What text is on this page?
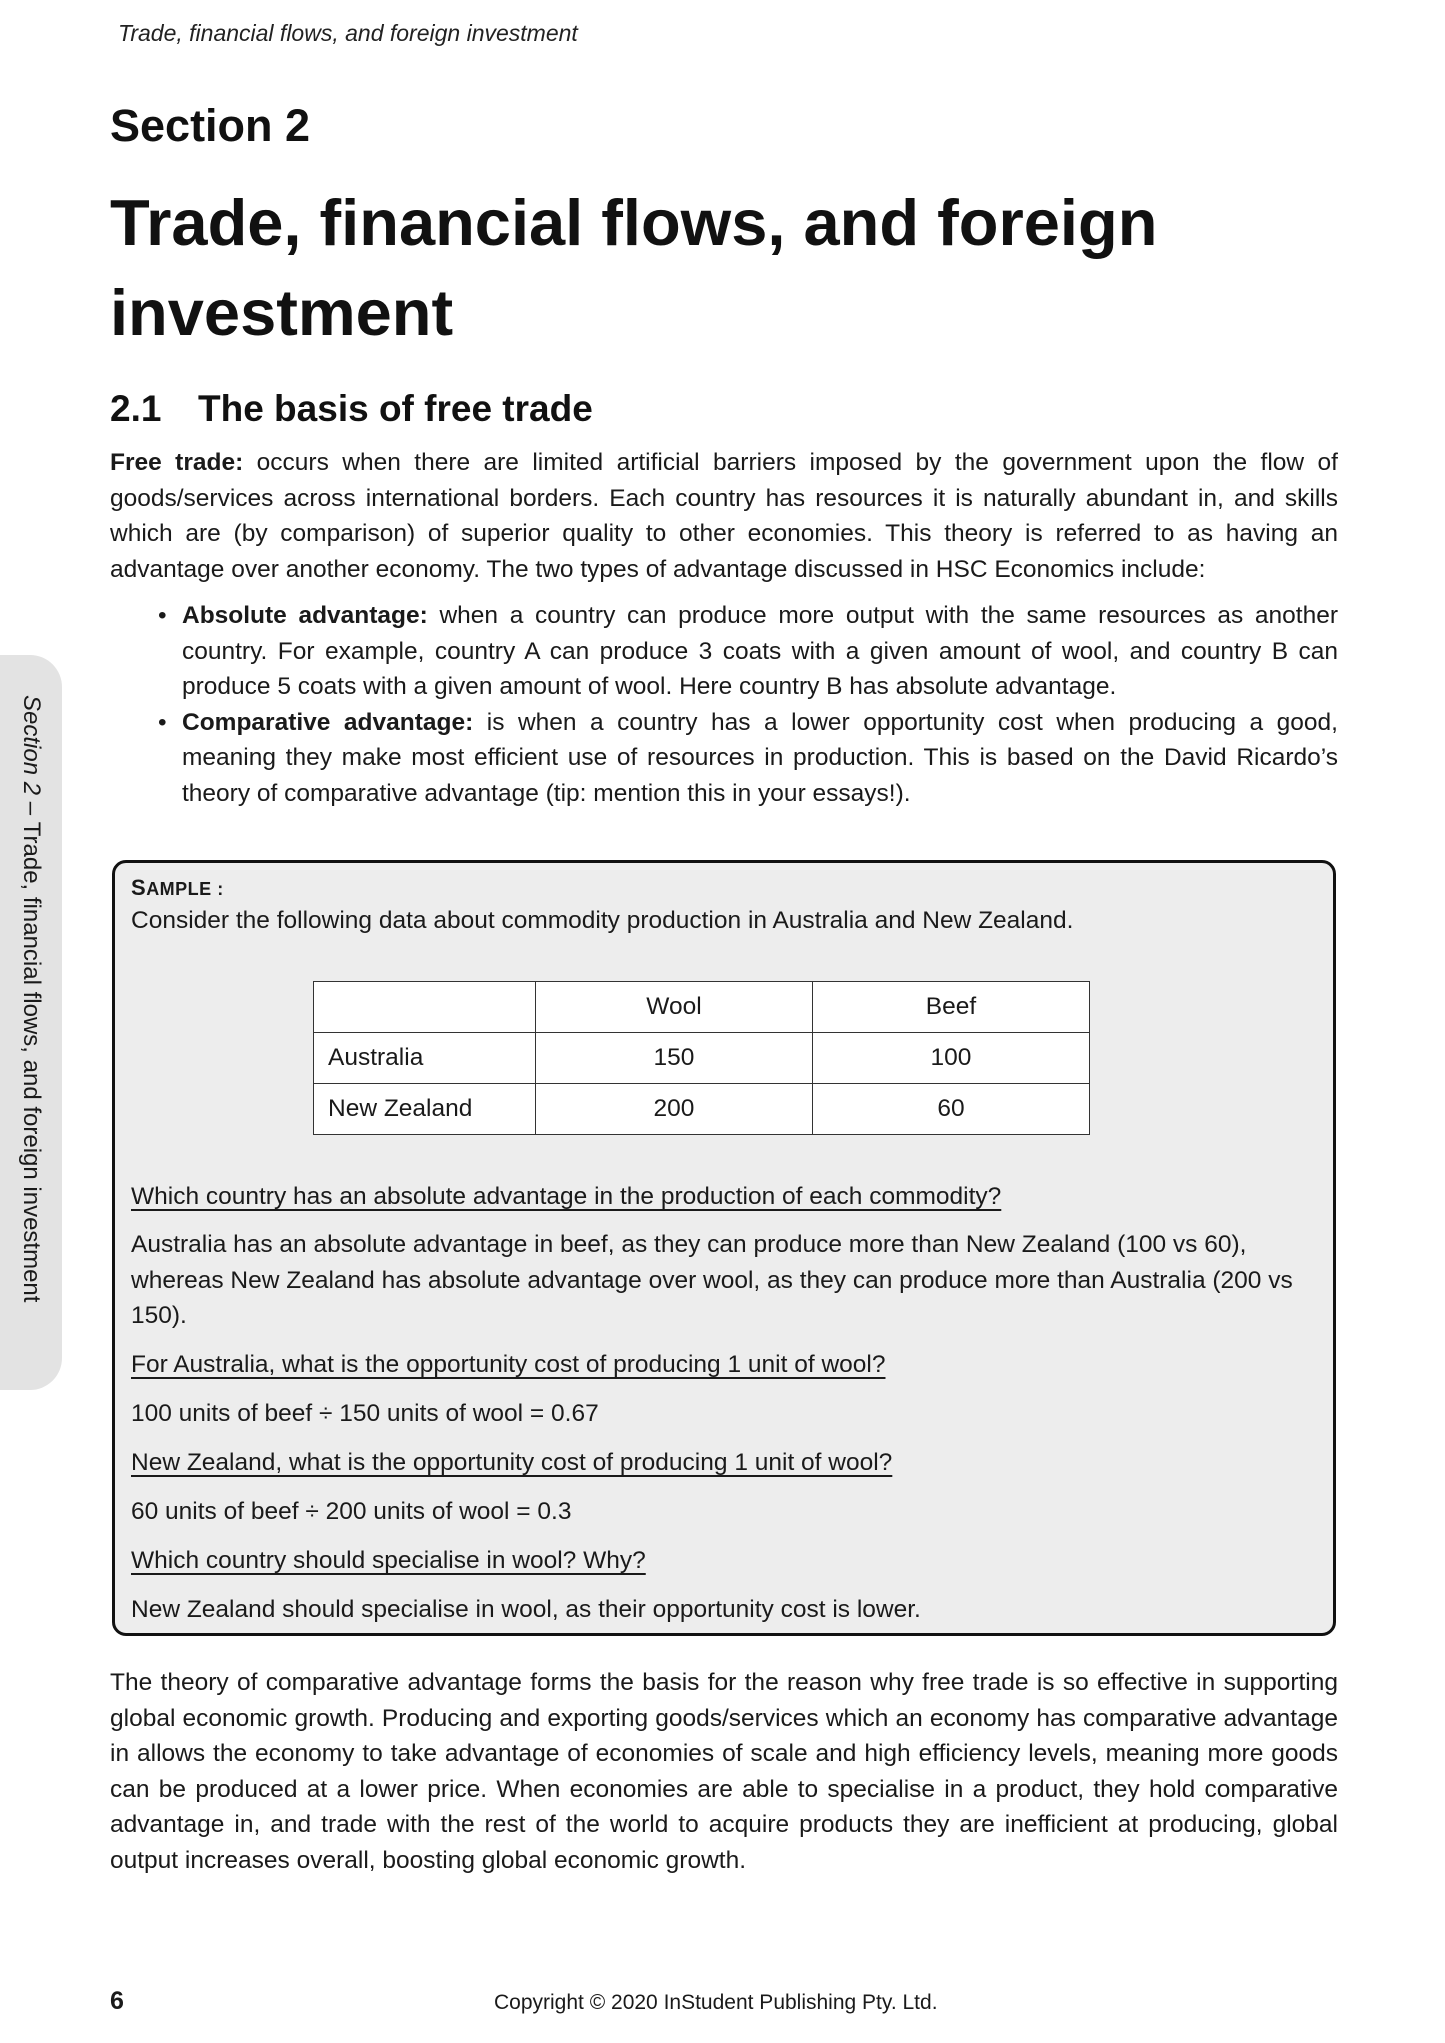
Trade, financial flows, and foreign investment
Section 2
Trade, financial flows, and foreign investment
2.1 The basis of free trade
Free trade: occurs when there are limited artificial barriers imposed by the government upon the flow of goods/services across international borders. Each country has resources it is naturally abundant in, and skills which are (by comparison) of superior quality to other economies. This theory is referred to as having an advantage over another economy. The two types of advantage discussed in HSC Economics include:
• Absolute advantage: when a country can produce more output with the same resources as another country. For example, country A can produce 3 coats with a given amount of wool, and country B can produce 5 coats with a given amount of wool. Here country B has absolute advantage.
• Comparative advantage: is when a country has a lower opportunity cost when producing a good, meaning they make most efficient use of resources in production. This is based on the David Ricardo’s theory of comparative advantage (tip: mention this in your essays!).
Section 2 – Trade, financial flows, and foreign investment	SAMPLE :
Consider the following data about commodity production in Australia and New Zealand.
	Wool	Beef
Australia	150	100
New Zealand	200	60
Which country has an absolute advantage in the production of each commodity?
Australia has an absolute advantage in beef, as they can produce more than New Zealand (100 vs 60), whereas New Zealand has absolute advantage over wool, as they can produce more than Australia (200 vs 150).
For Australia, what is the opportunity cost of producing 1 unit of wool?
100 units of beef ÷ 150 units of wool = 0.67
New Zealand, what is the opportunity cost of producing 1 unit of wool?
60 units of beef ÷ 200 units of wool = 0.3
Which country should specialise in wool? Why?
New Zealand should specialise in wool, as their opportunity cost is lower.
The theory of comparative advantage forms the basis for the reason why free trade is so effective in supporting global economic growth. Producing and exporting goods/services which an economy has comparative advantage in allows the economy to take advantage of economies of scale and high efficiency levels, meaning more goods can be produced at a lower price. When economies are able to specialise in a product, they hold comparative advantage in, and trade with the rest of the world to acquire products they are inefficient at producing, global output increases overall, boosting global economic growth.
6	Copyright © 2020 InStudent Publishing Pty. Ltd.
